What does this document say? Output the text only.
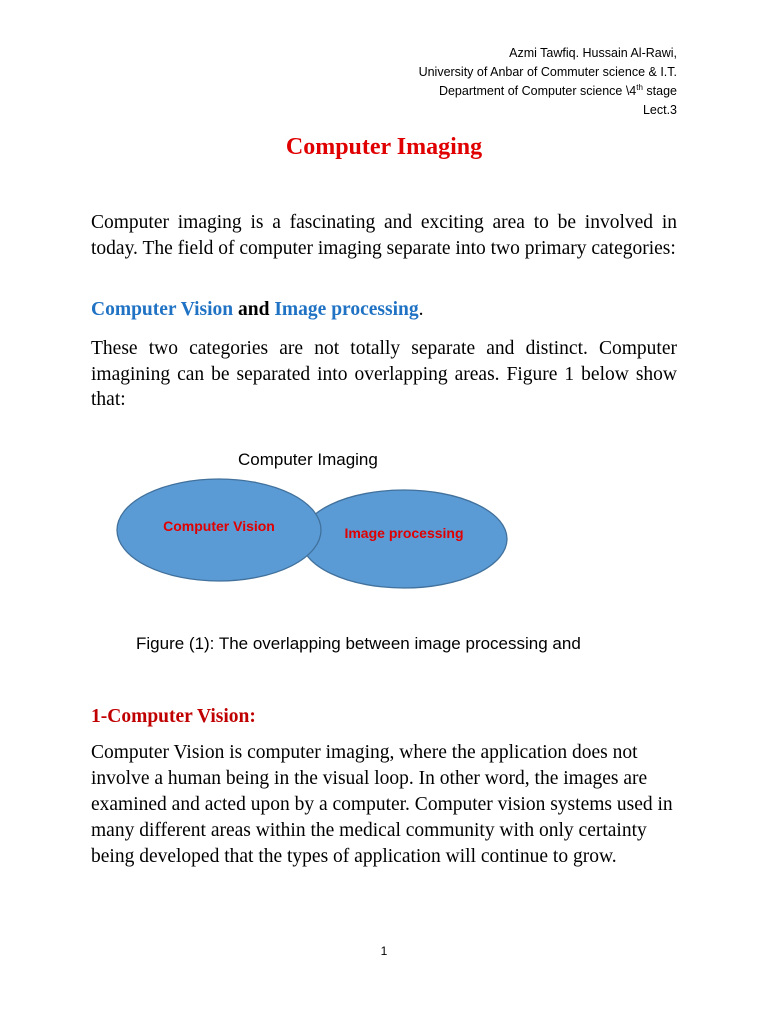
Azmi Tawfiq. Hussain Al-Rawi,
University of Anbar of Commuter science & I.T.
Department of Computer science \4th stage
Lect.3
Computer Imaging

Computer imaging is a fascinating and exciting area to be involved in today. The field of computer imaging separate into two primary categories:

Computer Vision and Image processing.

These two categories are not totally separate and distinct. Computer imagining can be separated into overlapping areas. Figure 1 below show that:

Computer Imaging
Computer Vision	Image processing
Figure (1): The overlapping between image processing and
1-Computer Vision:

Computer Vision is computer imaging, where the application does not involve a human being in the visual loop. In other word, the images are examined and acted upon by a computer. Computer vision systems used in many different areas within the medical community with only certainty being developed that the types of application will continue to grow.

1
